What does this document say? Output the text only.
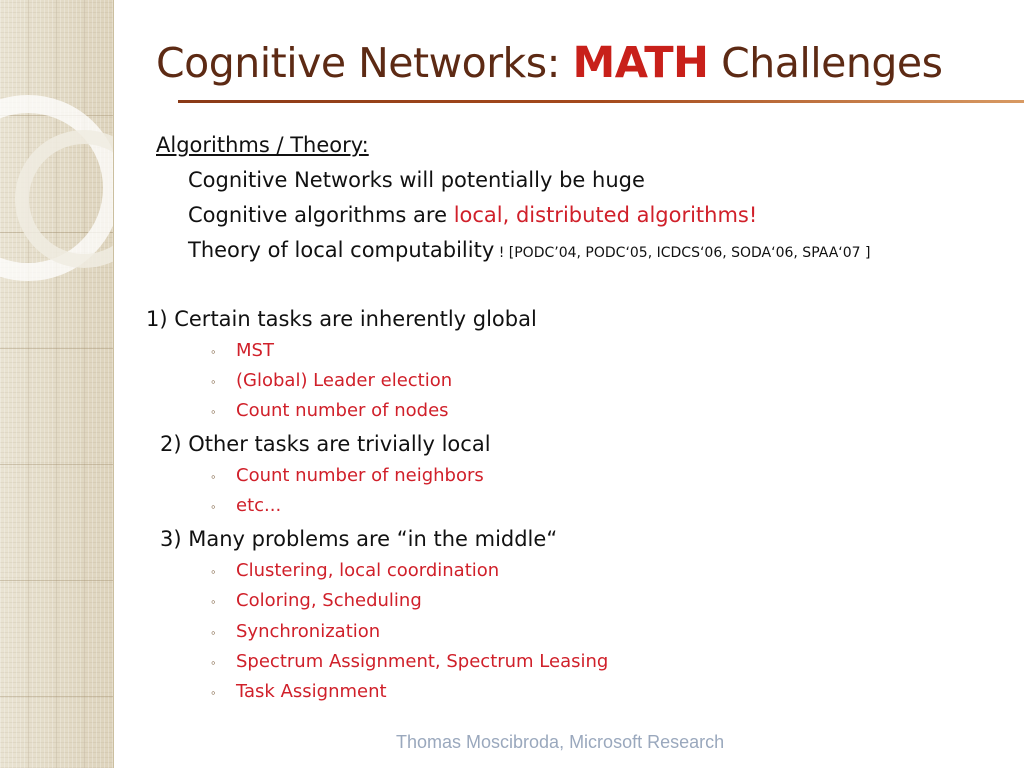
Cognitive Networks: MATH Challenges
Algorithms / Theory:
Cognitive Networks will potentially be huge
Cognitive algorithms are local, distributed algorithms!
Theory of local computability ! [PODC’04, PODC‘05, ICDCS‘06, SODA‘06, SPAA‘07 ]
1) Certain tasks are inherently global
◦ MST
◦ (Global) Leader election
◦ Count number of nodes
2) Other tasks are trivially local
◦ Count number of neighbors
◦ etc...
3) Many problems are “in the middle“
◦ Clustering, local coordination
◦ Coloring, Scheduling
◦ Synchronization
◦ Spectrum Assignment, Spectrum Leasing
◦ Task Assignment
Thomas Moscibroda, Microsoft Research
